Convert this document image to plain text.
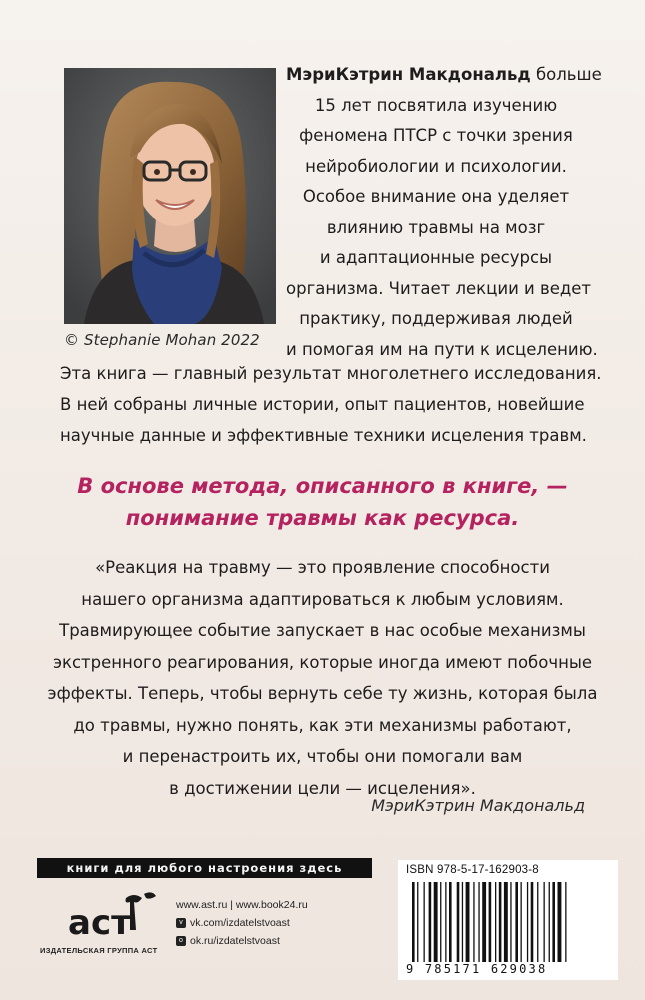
© Stephanie Mohan 2022
МэриКэтрин Макдональд больше
15 лет посвятила изучению
феномена ПТСР с точки зрения
нейробиологии и психологии.
Особое внимание она уделяет
влиянию травмы на мозг
и адаптационные ресурсы
организма. Читает лекции и ведет
практику, поддерживая людей
и помогая им на пути к исцелению.
Эта книга — главный результат многолетнего исследования.
В ней собраны личные истории, опыт пациентов, новейшие
научные данные и эффективные техники исцеления травм.
В основе метода, описанного в книге, —
понимание травмы как ресурса.
«Реакция на травму — это проявление способности
нашего организма адаптироваться к любым условиям.
Травмирующее событие запускает в нас особые механизмы
экстренного реагирования, которые иногда имеют побочные
эффекты. Теперь, чтобы вернуть себе ту жизнь, которая была
до травмы, нужно понять, как эти механизмы работают,
и перенастроить их, чтобы они помогали вам
в достижении цели — исцеления».
МэриКэтрин Макдональд
книги для любого настроения здесь
аст
ИЗДАТЕЛЬСКАЯ ГРУППА АСТ
www.ast.ru | www.book24.ru
v vk.com/izdatelstvoast
o ok.ru/izdatelstvoast
ISBN 978-5-17-162903-8
9 785171 629038
